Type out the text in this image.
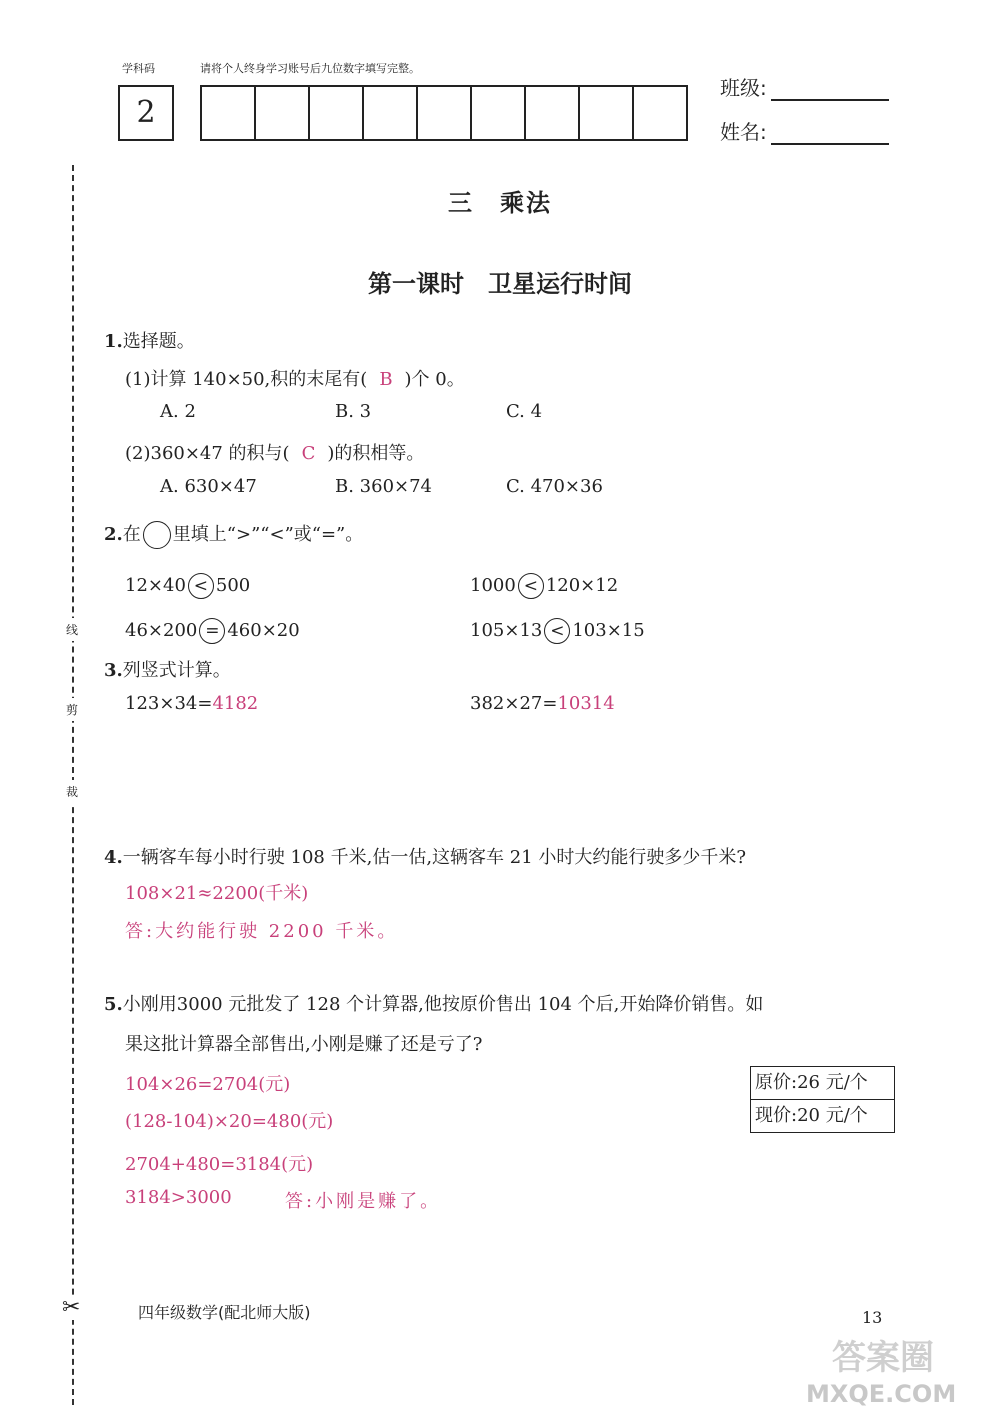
学科码	请将个人终身学习账号后九位数字填写完整。
2
班级:
姓名:
线
剪
裁
✂
三　乘法
第一课时　卫星运行时间
1.选择题。
(1)计算 140×50,积的末尾有( B )个 0。
A. 2	B. 3	C. 4
(2)360×47 的积与( C )的积相等。
A. 630×47	B. 360×74	C. 470×36
2.在 里填上“>”“<”或“=”。
12×40 < 500	1000 < 120×12
46×200 = 460×20	105×13 < 103×15
3.列竖式计算。
123×34=4182	382×27=10314
4.一辆客车每小时行驶 108 千米,估一估,这辆客车 21 小时大约能行驶多少千米?
108×21≈2200(千米)
答:大约能行驶 2200 千米。
5.小刚用3000 元批发了 128 个计算器,他按原价售出 104 个后,开始降价销售。如
果这批计算器全部售出,小刚是赚了还是亏了?
104×26=2704(元)
(128-104)×20=480(元)
2704+480=3184(元)
3184>3000	答:小刚是赚了。
原价:26 元/个
现价:20 元/个
四年级数学(配北师大版)	13
答案圈
MXQE.COM
